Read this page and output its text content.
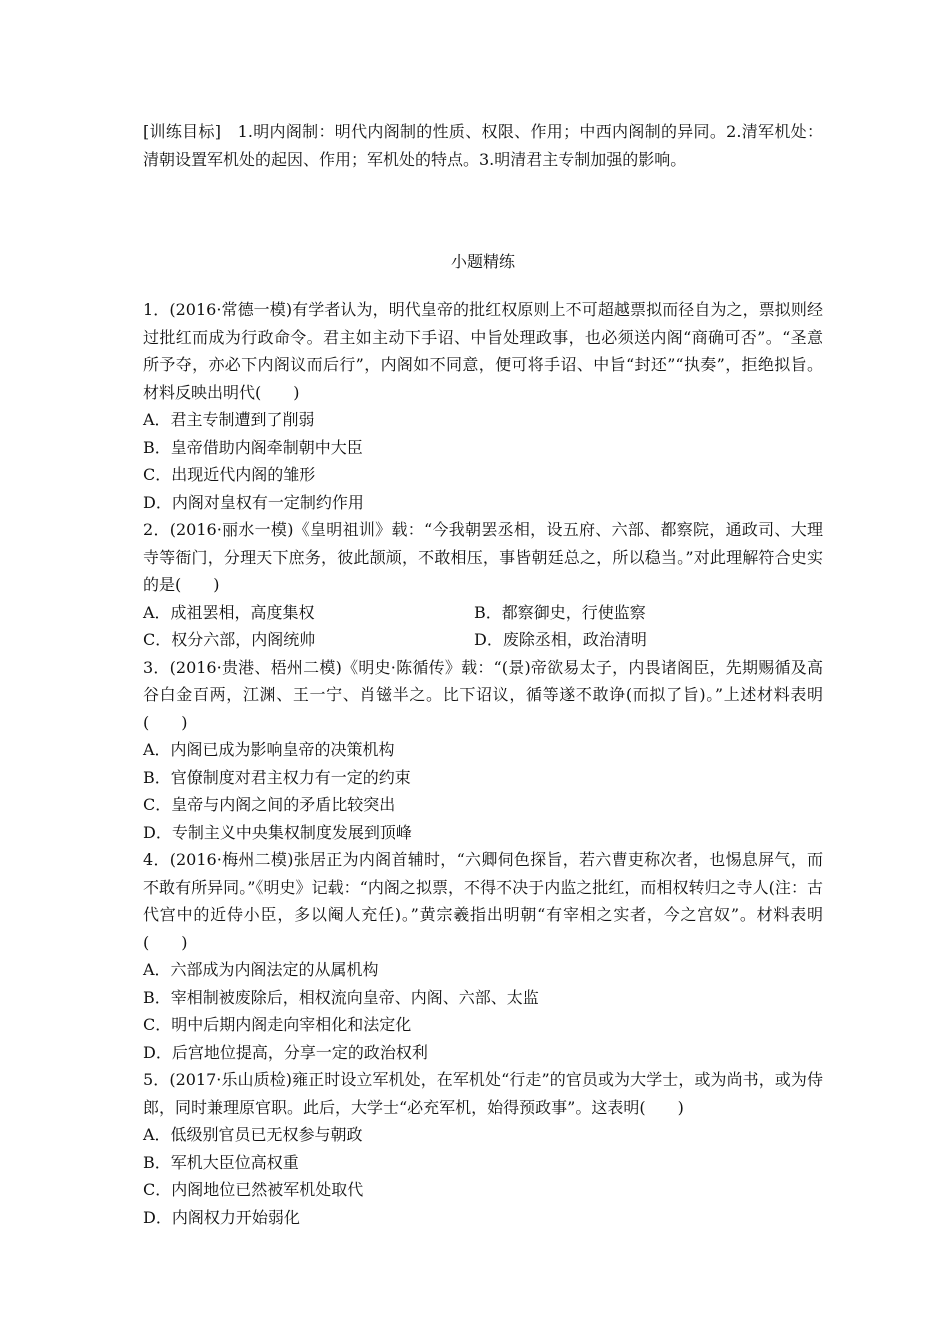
[训练目标]　1.明内阁制：明代内阁制的性质、权限、作用；中西内阁制的异同。2.清军机处：清朝设置军机处的起因、作用；军机处的特点。3.明清君主专制加强的影响。

小题精练

1．(2016·常德一模)有学者认为，明代皇帝的批红权原则上不可超越票拟而径自为之，票拟则经过批红而成为行政命令。君主如主动下手诏、中旨处理政事，也必须送内阁“商确可否”。“圣意所予夺，亦必下内阁议而后行”，内阁如不同意，便可将手诏、中旨“封还”“执奏”，拒绝拟旨。材料反映出明代(　　)

A．君主专制遭到了削弱
B．皇帝借助内阁牵制朝中大臣
C．出现近代内阁的雏形
D．内阁对皇权有一定制约作用

2．(2016·丽水一模)《皇明祖训》载：“今我朝罢丞相，设五府、六部、都察院，通政司、大理寺等衙门，分理天下庶务，彼此颉颃，不敢相压，事皆朝廷总之，所以稳当。”对此理解符合史实的是(　　)

A．成祖罢相，高度集权	B．都察御史，行使监察
C．权分六部，内阁统帅	D．废除丞相，政治清明

3．(2016·贵港、梧州二模)《明史·陈循传》载：“(景)帝欲易太子，内畏诸阁臣，先期赐循及高谷白金百两，江渊、王一宁、肖镃半之。比下诏议，循等遂不敢诤(而拟了旨)。”上述材料表明(　　)

A．内阁已成为影响皇帝的决策机构
B．官僚制度对君主权力有一定的约束
C．皇帝与内阁之间的矛盾比较突出
D．专制主义中央集权制度发展到顶峰

4．(2016·梅州二模)张居正为内阁首辅时，“六卿伺色探旨，若六曹吏称次者，也惕息屏气，而不敢有所异同。”《明史》记载：“内阁之拟票，不得不决于内监之批红，而相权转归之寺人(注：古代宫中的近侍小臣，多以阉人充任)。”黄宗羲指出明朝“有宰相之实者，今之宫奴”。材料表明(　　)

A．六部成为内阁法定的从属机构
B．宰相制被废除后，相权流向皇帝、内阁、六部、太监
C．明中后期内阁走向宰相化和法定化
D．后宫地位提高，分享一定的政治权利

5．(2017·乐山质检)雍正时设立军机处，在军机处“行走”的官员或为大学士，或为尚书，或为侍郎，同时兼理原官职。此后，大学士“必充军机，始得预政事”。这表明(　　)

A．低级别官员已无权参与朝政
B．军机大臣位高权重
C．内阁地位已然被军机处取代
D．内阁权力开始弱化
